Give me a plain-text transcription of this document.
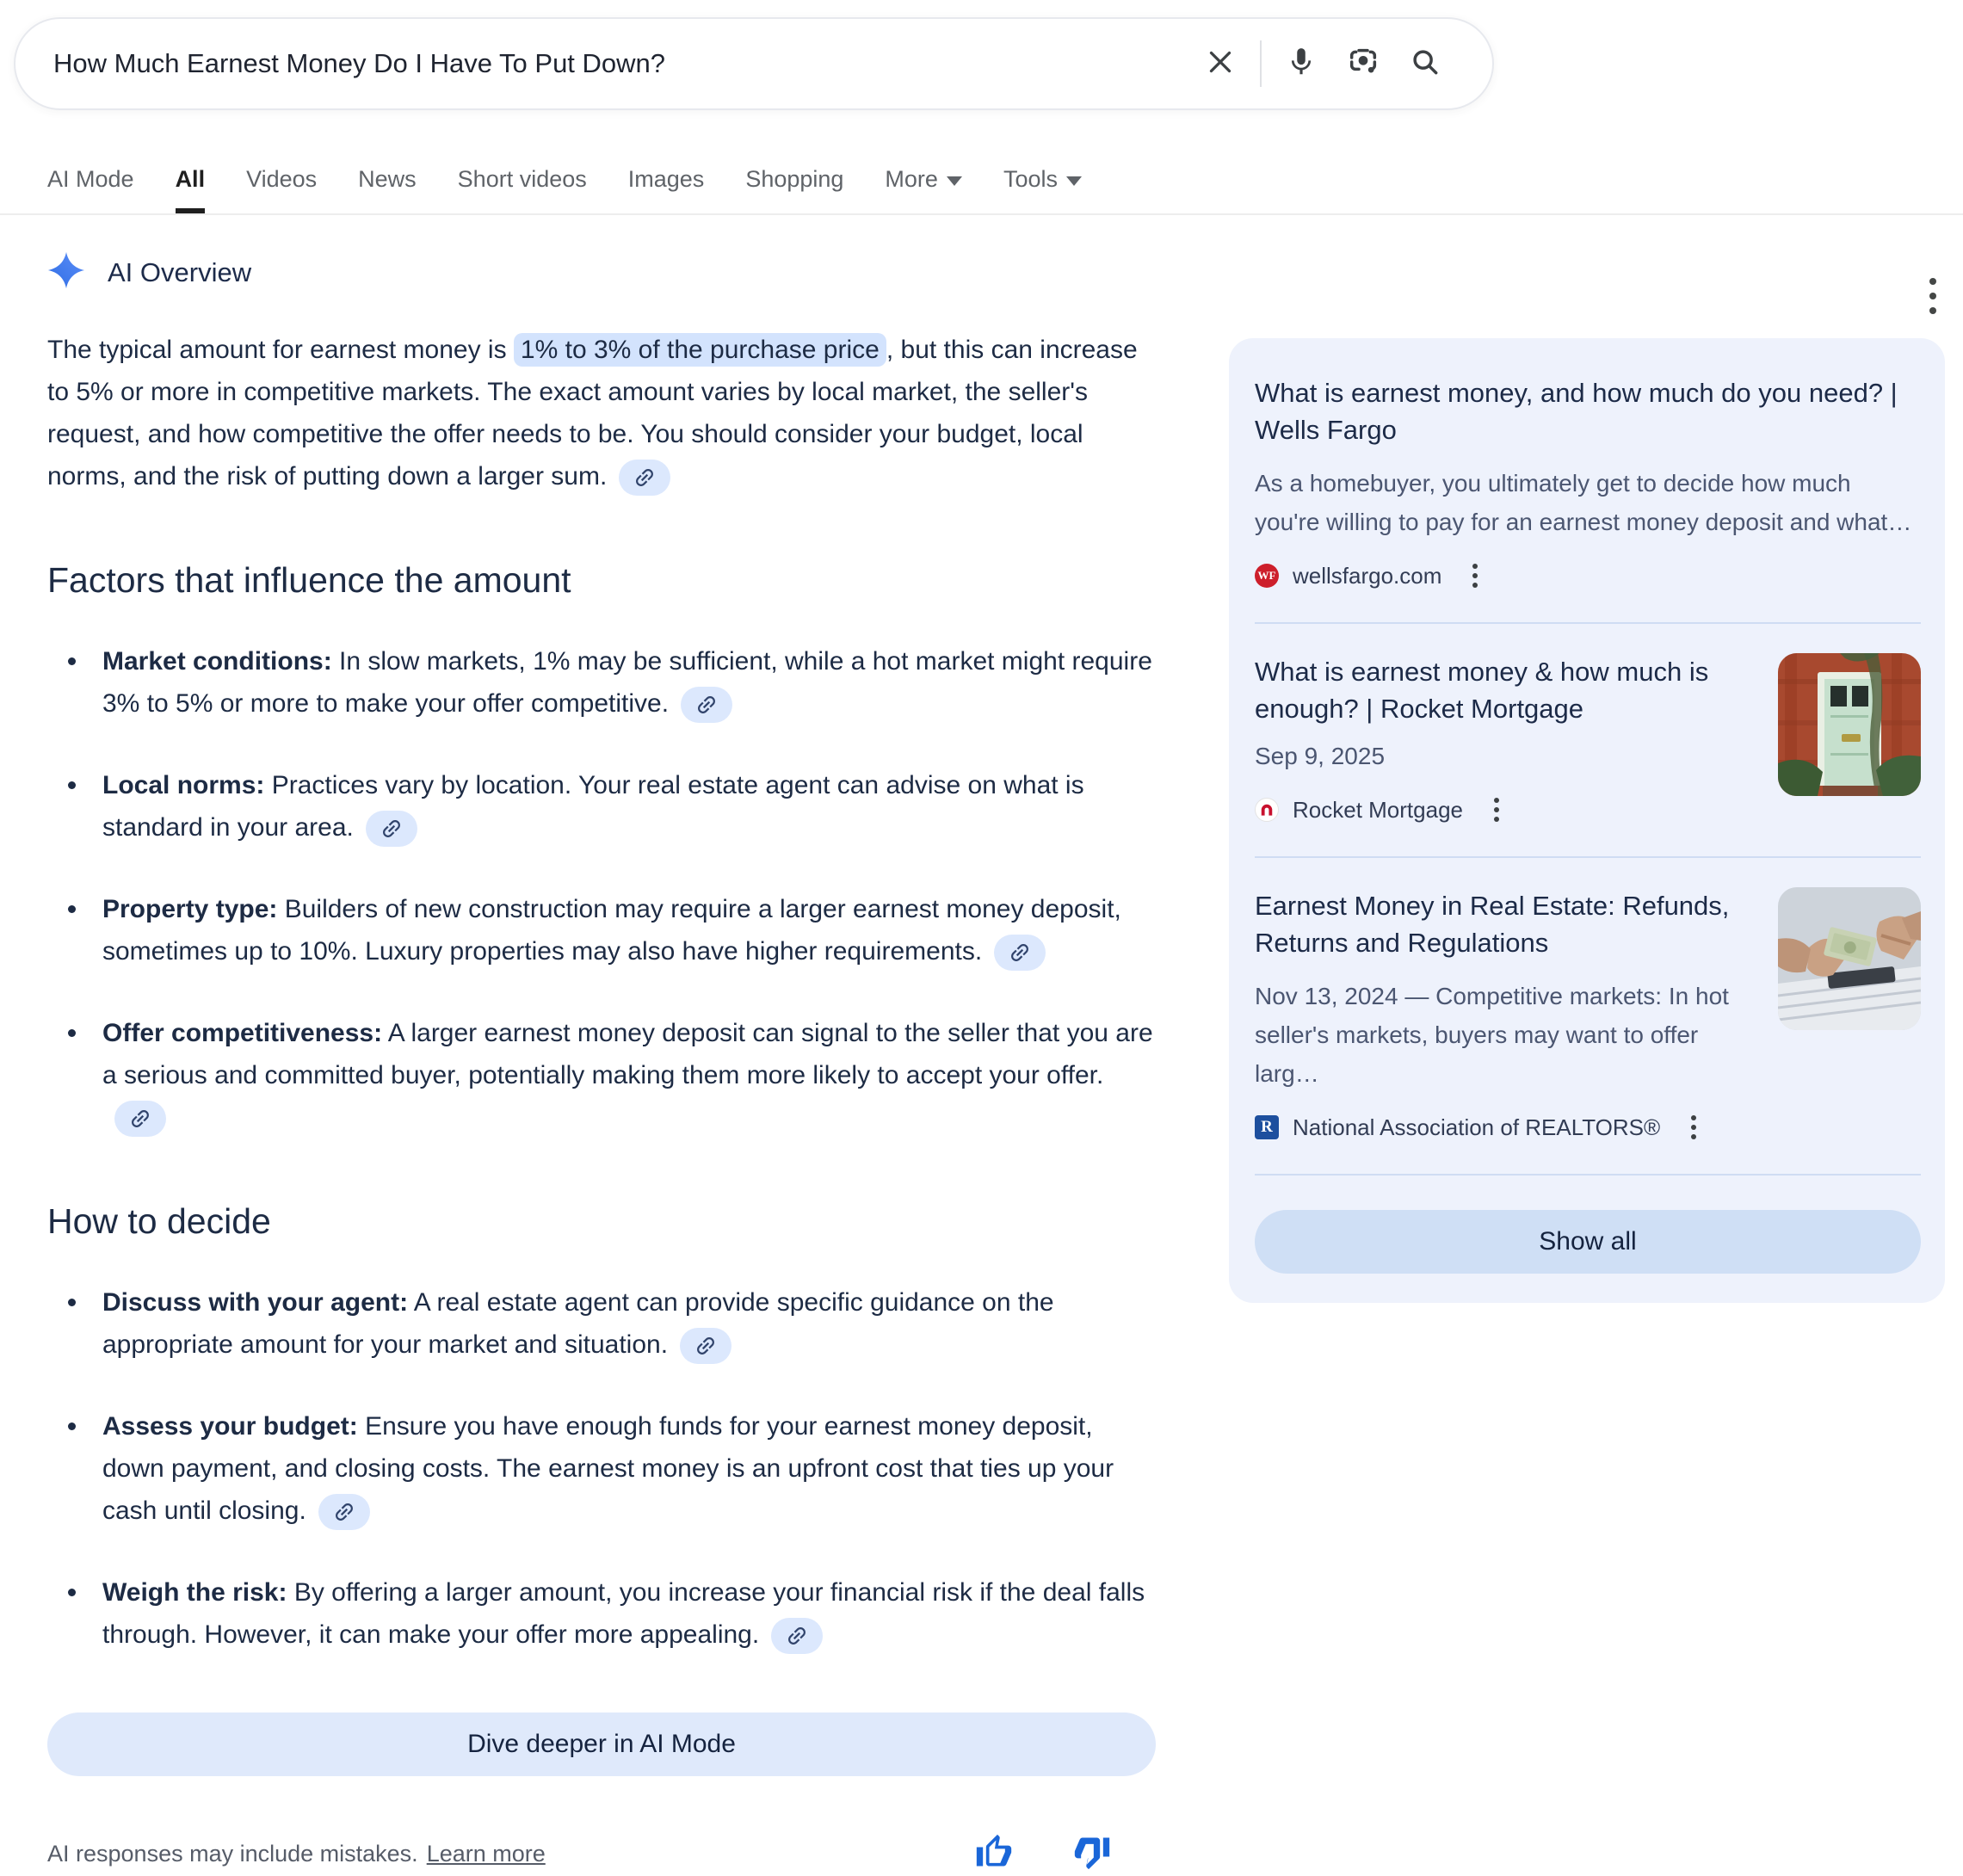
How Much Earnest Money Do I Have To Put Down?
AI Mode All Videos News Short videos Images Shopping More	Tools
AI Overview

The typical amount for earnest money is 1% to 3% of the purchase price , but this can increase to 5% or more in competitive markets. The exact amount varies by local market, the seller's request, and how competitive the offer needs to be. You should consider your budget, local norms, and the risk of putting down a larger sum.

Factors that influence the amount
Market conditions: In slow markets, 1% may be sufficient, while a hot market might require 3% to 5% or more to make your offer competitive.
Local norms: Practices vary by location. Your real estate agent can advise on what is standard in your area.
Property type: Builders of new construction may require a larger earnest money deposit, sometimes up to 10%. Luxury properties may also have higher requirements.
Offer competitiveness: A larger earnest money deposit can signal to the seller that you are a serious and committed buyer, potentially making them more likely to accept your offer.
How to decide
Discuss with your agent: A real estate agent can provide specific guidance on the appropriate amount for your market and situation.
Assess your budget: Ensure you have enough funds for your earnest money deposit, down payment, and closing costs. The earnest money is an upfront cost that ties up your cash until closing.
Weigh the risk: By offering a larger amount, you increase your financial risk if the deal falls through. However, it can make your offer more appealing.
Dive deeper in AI Mode
AI responses may include mistakes. Learn more

What is earnest money, and how much do you need? | Wells Fargo

As a homebuyer, you ultimately get to decide how much you're willing to pay for an earnest money deposit and what…

WF wellsfargo.com

What is earnest money & how much is enough? | Rocket Mortgage

Sep 9, 2025

Rocket Mortgage

Earnest Money in Real Estate: Refunds, Returns and Regulations

Nov 13, 2024 — Competitive markets: In hot seller's markets, buyers may want to offer larg…

R National Association of REALTORS®
Show all
